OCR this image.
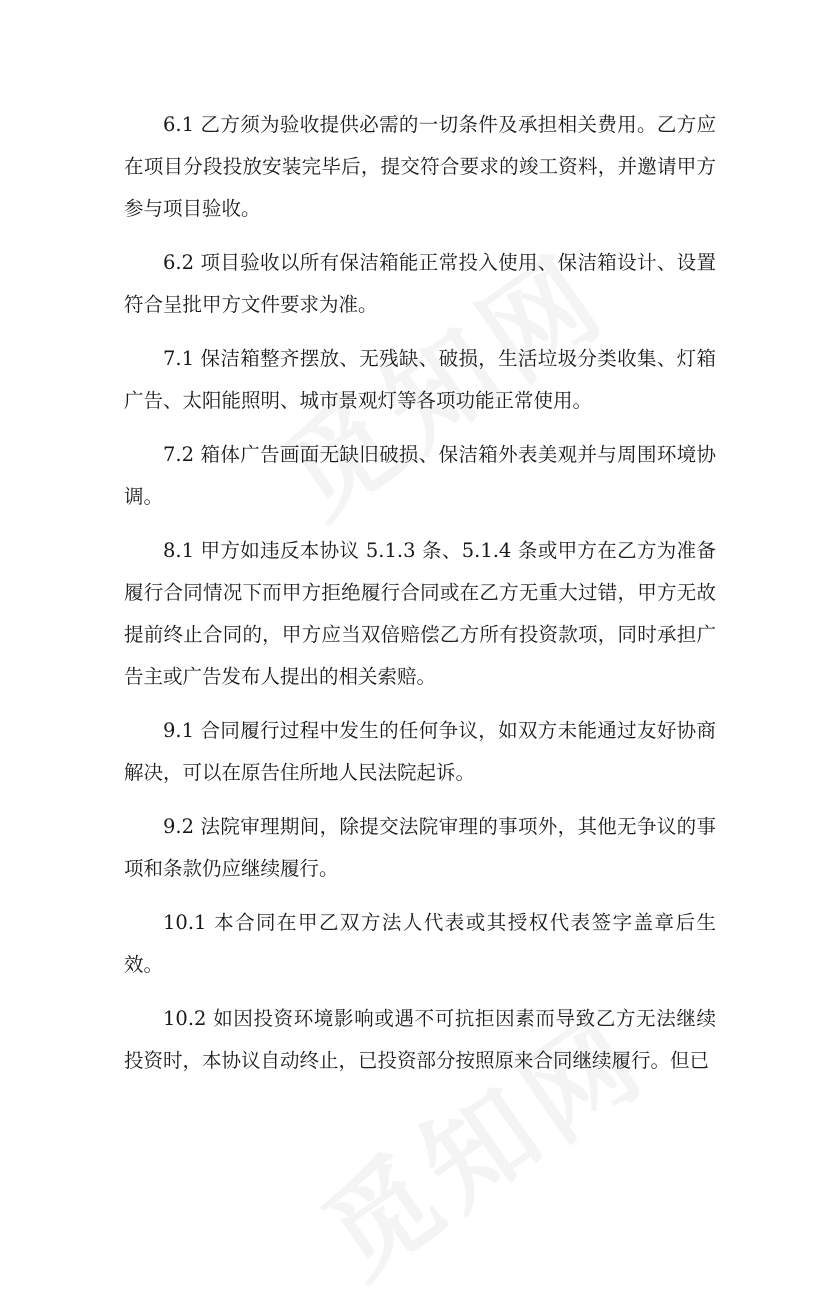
6.1 乙方须为验收提供必需的一切条件及承担相关费用。乙方应在项目分段投放安装完毕后，提交符合要求的竣工资料，并邀请甲方参与项目验收。

6.2 项目验收以所有保洁箱能正常投入使用、保洁箱设计、设置符合呈批甲方文件要求为准。

7.1 保洁箱整齐摆放、无残缺、破损，生活垃圾分类收集、灯箱广告、太阳能照明、城市景观灯等各项功能正常使用。

7.2 箱体广告画面无缺旧破损、保洁箱外表美观并与周围环境协调。

8.1 甲方如违反本协议 5.1.3 条、5.1.4 条或甲方在乙方为准备履行合同情况下而甲方拒绝履行合同或在乙方无重大过错，甲方无故提前终止合同的，甲方应当双倍赔偿乙方所有投资款项，同时承担广告主或广告发布人提出的相关索赔。

9.1 合同履行过程中发生的任何争议，如双方未能通过友好协商解决，可以在原告住所地人民法院起诉。

9.2 法院审理期间，除提交法院审理的事项外，其他无争议的事项和条款仍应继续履行。

10.1 本合同在甲乙双方法人代表或其授权代表签字盖章后生效。

10.2 如因投资环境影响或遇不可抗拒因素而导致乙方无法继续投资时，本协议自动终止，已投资部分按照原来合同继续履行。但已
